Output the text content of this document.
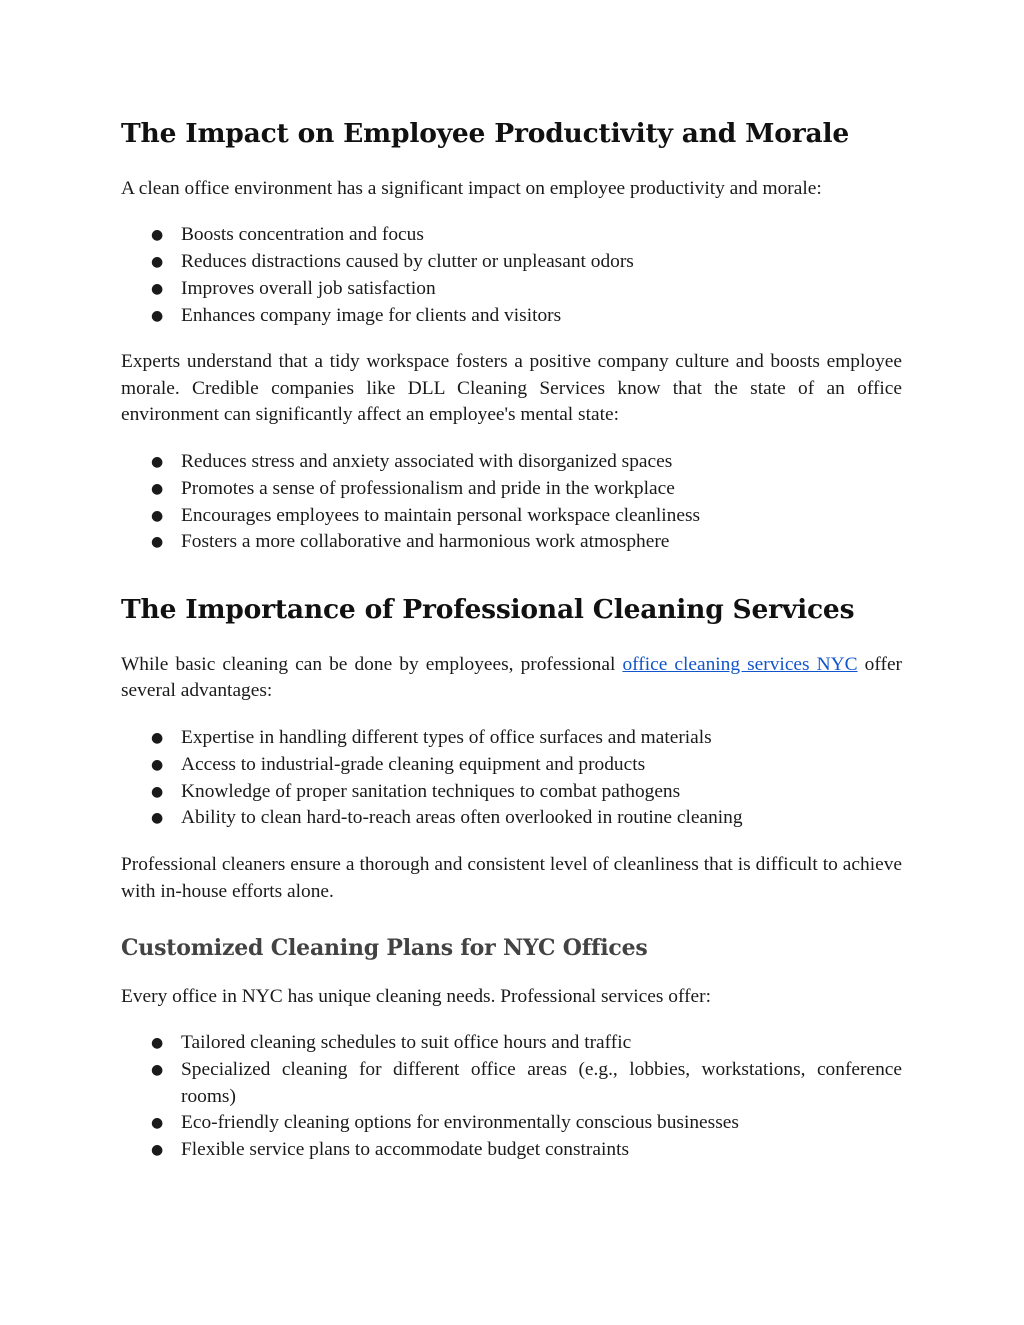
The Impact on Employee Productivity and Morale

A clean office environment has a significant impact on employee productivity and morale:

● Boosts concentration and focus
● Reduces distractions caused by clutter or unpleasant odors
● Improves overall job satisfaction
● Enhances company image for clients and visitors

Experts understand that a tidy workspace fosters a positive company culture and boosts employee morale. Credible companies like DLL Cleaning Services know that the state of an office environment can significantly affect an employee's mental state:

● Reduces stress and anxiety associated with disorganized spaces
● Promotes a sense of professionalism and pride in the workplace
● Encourages employees to maintain personal workspace cleanliness
● Fosters a more collaborative and harmonious work atmosphere
The Importance of Professional Cleaning Services

While basic cleaning can be done by employees, professional office cleaning services NYC offer several advantages:

● Expertise in handling different types of office surfaces and materials
● Access to industrial-grade cleaning equipment and products
● Knowledge of proper sanitation techniques to combat pathogens
● Ability to clean hard-to-reach areas often overlooked in routine cleaning

Professional cleaners ensure a thorough and consistent level of cleanliness that is difficult to achieve with in-house efforts alone.

Customized Cleaning Plans for NYC Offices

Every office in NYC has unique cleaning needs. Professional services offer:

● Tailored cleaning schedules to suit office hours and traffic
● Specialized cleaning for different office areas (e.g., lobbies, workstations, conference rooms)
● Eco-friendly cleaning options for environmentally conscious businesses
● Flexible service plans to accommodate budget constraints
